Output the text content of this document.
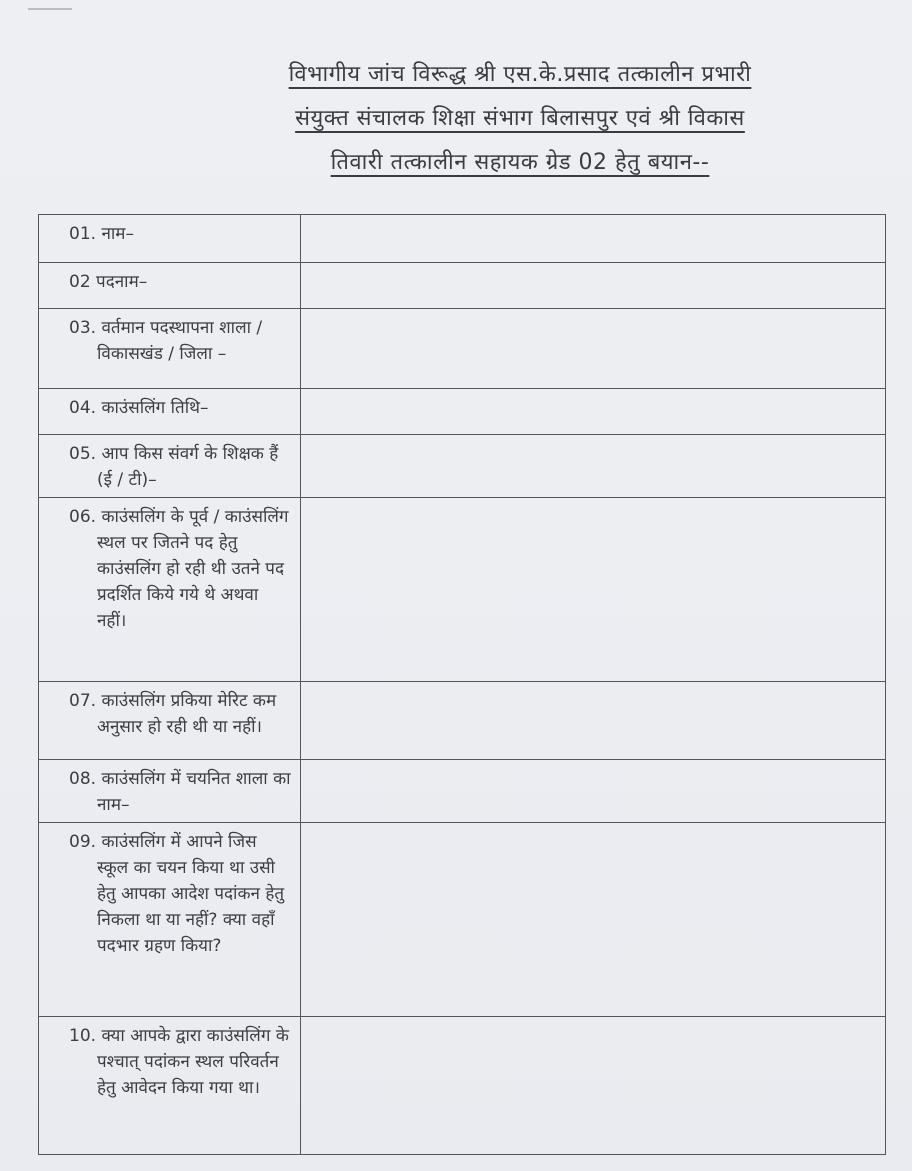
विभागीय जांच विरूद्ध श्री एस.के.प्रसाद तत्कालीन प्रभारी
संयुक्त संचालक शिक्षा संभाग बिलासपुर एवं श्री विकास
तिवारी तत्कालीन सहायक ग्रेड 02 हेतु बयान--
01. नाम–	

02 पदनाम–	

03. वर्तमान पदस्थापना शाला / विकासखंड / जिला –	

04. काउंसलिंग तिथि–	

05. आप किस संवर्ग के शिक्षक हैं (ई / टी)–	

06. काउंसलिंग के पूर्व / काउंसलिंग स्थल पर जितने पद हेतु काउंसलिंग हो रही थी उतने पद प्रदर्शित किये गये थे अथवा नहीं।	

07. काउंसलिंग प्रकिया मेरिट कम अनुसार हो रही थी या नहीं।	

08. काउंसलिंग में चयनित शाला का नाम–	

09. काउंसलिंग में आपने जिस स्कूल का चयन किया था उसी हेतु आपका आदेश पदांकन हेतु निकला था या नहीं? क्या वहाँ पदभार ग्रहण किया?	

10. क्या आपके द्वारा काउंसलिंग के पश्चात् पदांकन स्थल परिवर्तन हेतु आवेदन किया गया था।	
